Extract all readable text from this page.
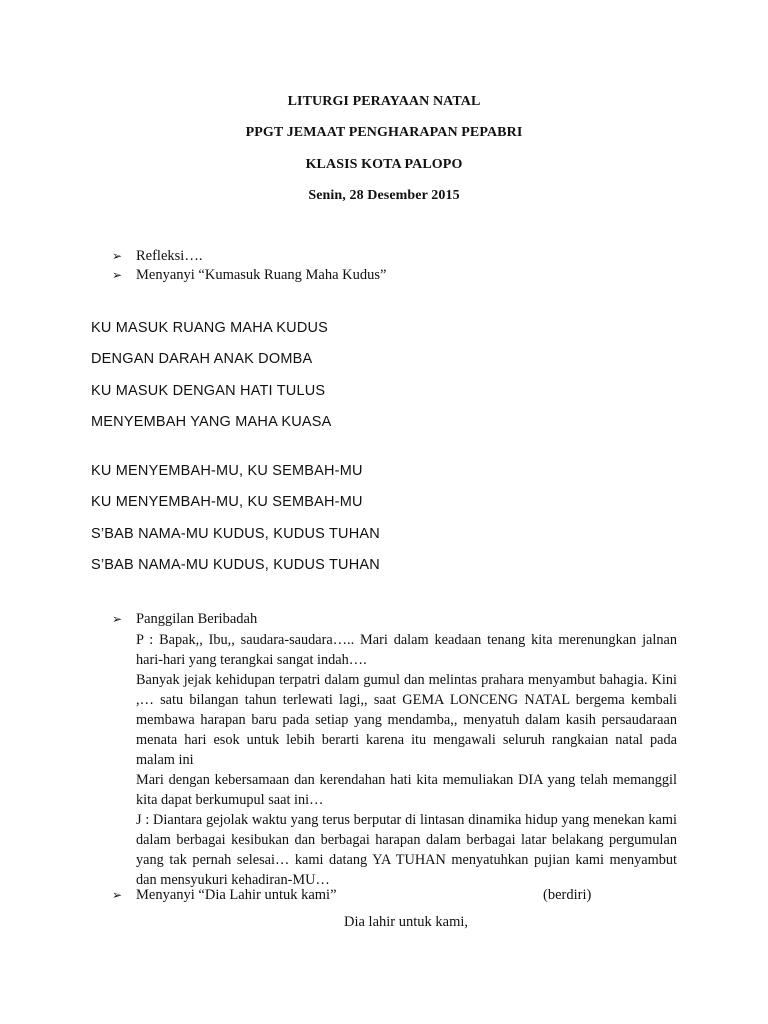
LITURGI PERAYAAN NATAL
PPGT JEMAAT PENGHARAPAN PEPABRI
KLASIS KOTA PALOPO
Senin, 28 Desember 2015
➢ Refleksi….
➢ Menyanyi “Kumasuk Ruang Maha Kudus”
KU MASUK RUANG MAHA KUDUS
DENGAN DARAH ANAK DOMBA
KU MASUK DENGAN HATI TULUS
MENYEMBAH YANG MAHA KUASA
KU MENYEMBAH-MU, KU SEMBAH-MU
KU MENYEMBAH-MU, KU SEMBAH-MU
S’BAB NAMA-MU KUDUS, KUDUS TUHAN
S’BAB NAMA-MU KUDUS, KUDUS TUHAN
➢ Panggilan Beribadah

P : Bapak,, Ibu,, saudara-saudara….. Mari dalam keadaan tenang kita merenungkan jalnan hari-hari yang terangkai sangat indah….

Banyak jejak kehidupan terpatri dalam gumul dan melintas prahara menyambut bahagia. Kini ,… satu bilangan tahun terlewati lagi,, saat GEMA LONCENG NATAL bergema kembali membawa harapan baru pada setiap yang mendamba,, menyatuh dalam kasih persaudaraan menata hari esok untuk lebih berarti karena itu mengawali seluruh rangkaian natal pada malam ini

Mari dengan kebersamaan dan kerendahan hati kita memuliakan DIA yang telah memanggil kita dapat berkumupul saat ini…

J : Diantara gejolak waktu yang terus berputar di lintasan dinamika hidup yang menekan kami dalam berbagai kesibukan dan berbagai harapan dalam berbagai latar belakang pergumulan yang tak pernah selesai… kami datang YA TUHAN menyatuhkan pujian kami menyambut dan mensyukuri kehadiran-MU…

➢ Menyanyi “Dia Lahir untuk kami”	(berdiri)
Dia lahir untuk kami,
